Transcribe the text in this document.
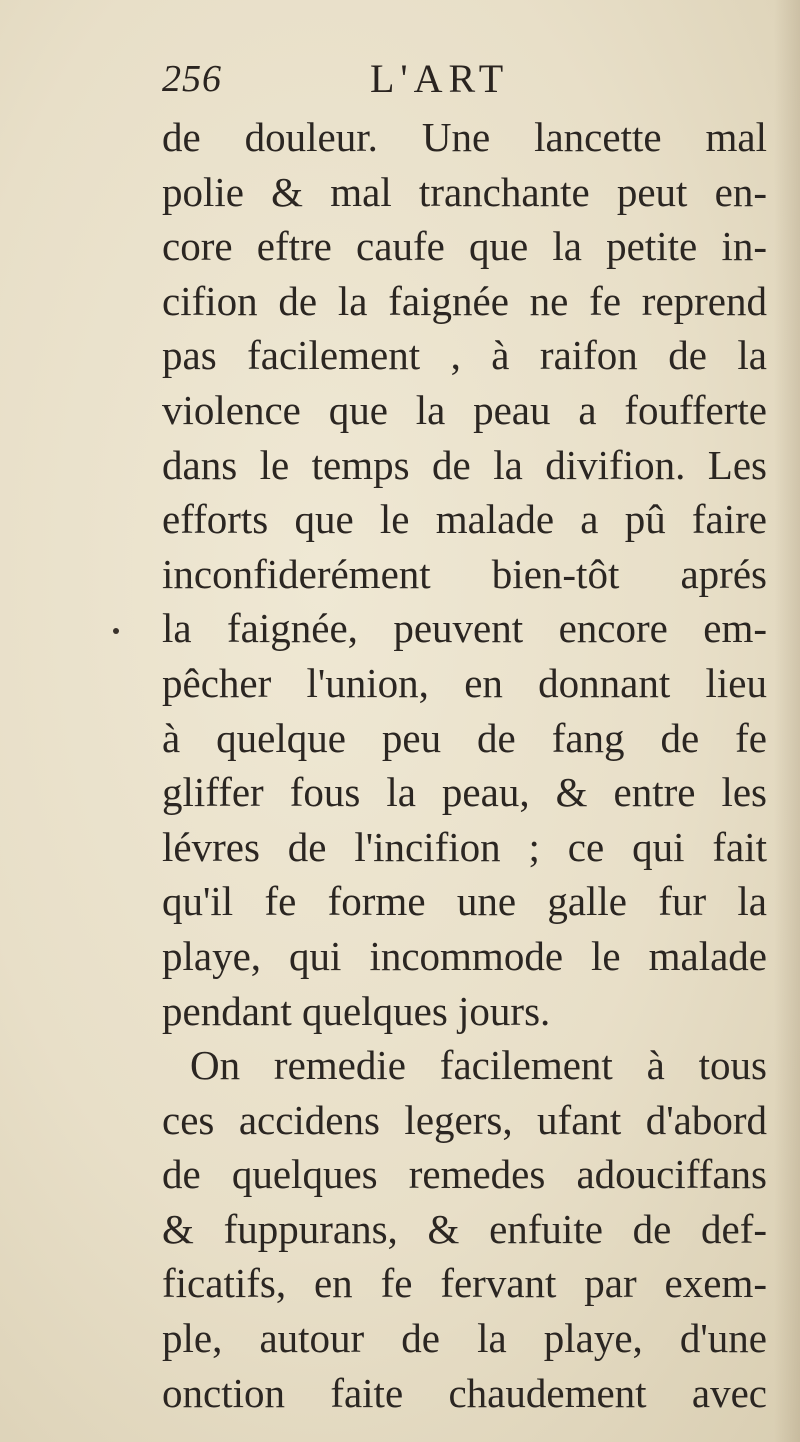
256	L'ART
de douleur. Une lancette mal
polie & mal tranchante peut en-
core eftre caufe que la petite in-
cifion de la faignée ne fe reprend
pas facilement , à raifon de la
violence que la peau a foufferte
dans le temps de la divifion. Les
efforts que le malade a pû faire
inconfiderément bien-tôt aprés
la faignée, peuvent encore em-
pêcher l'union, en donnant lieu
à quelque peu de fang de fe
gliffer fous la peau, & entre les
lévres de l'incifion ; ce qui fait
qu'il fe forme une galle fur la
playe, qui incommode le malade
pendant quelques jours.
On remedie facilement à tous
ces accidens legers, ufant d'abord
de quelques remedes adouciffans
& fuppurans, & enfuite de def-
ficatifs, en fe fervant par exem-
ple, autour de la playe, d'une
onction faite chaudement avec
